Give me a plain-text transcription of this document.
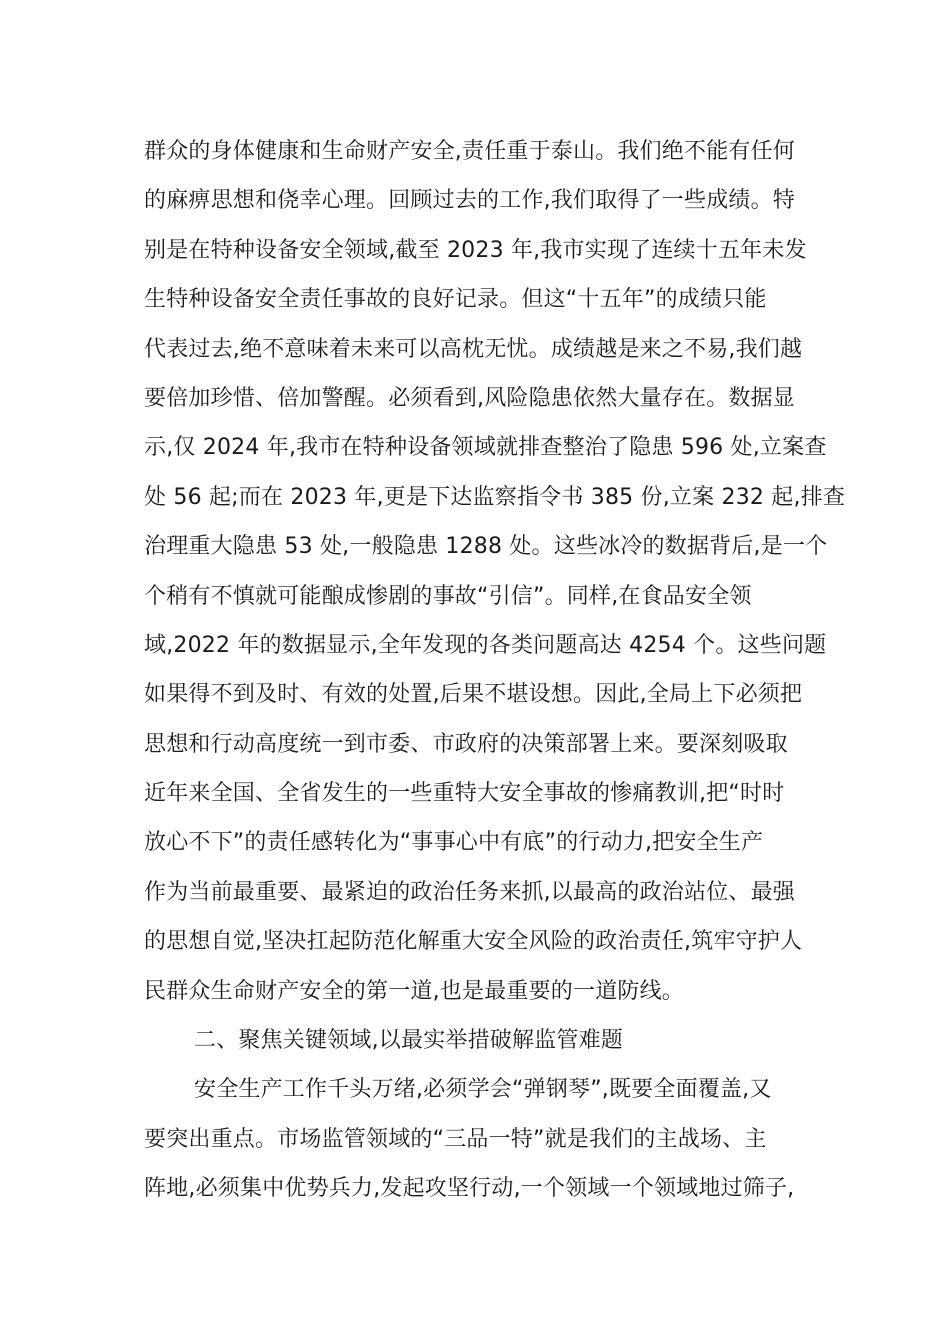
群众的身体健康和生命财产安全,责任重于泰山。我们绝不能有任何
的麻痹思想和侥幸心理。回顾过去的工作,我们取得了一些成绩。特
别是在特种设备安全领域,截至 2023 年,我市实现了连续十五年未发
生特种设备安全责任事故的良好记录。但这“十五年”的成绩只能
代表过去,绝不意味着未来可以高枕无忧。成绩越是来之不易,我们越
要倍加珍惜、倍加警醒。必须看到,风险隐患依然大量存在。数据显
示,仅 2024 年,我市在特种设备领域就排查整治了隐患 596 处,立案查
处 56 起;而在 2023 年,更是下达监察指令书 385 份,立案 232 起,排查
治理重大隐患 53 处,一般隐患 1288 处。这些冰冷的数据背后,是一个
个稍有不慎就可能酿成惨剧的事故“引信”。同样,在食品安全领
域,2022 年的数据显示,全年发现的各类问题高达 4254 个。这些问题
如果得不到及时、有效的处置,后果不堪设想。因此,全局上下必须把
思想和行动高度统一到市委、市政府的决策部署上来。要深刻吸取
近年来全国、全省发生的一些重特大安全事故的惨痛教训,把“时时
放心不下”的责任感转化为“事事心中有底”的行动力,把安全生产
作为当前最重要、最紧迫的政治任务来抓,以最高的政治站位、最强
的思想自觉,坚决扛起防范化解重大安全风险的政治责任,筑牢守护人
民群众生命财产安全的第一道,也是最重要的一道防线。
二、聚焦关键领域,以最实举措破解监管难题
安全生产工作千头万绪,必须学会“弹钢琴”,既要全面覆盖,又
要突出重点。市场监管领域的“三品一特”就是我们的主战场、主
阵地,必须集中优势兵力,发起攻坚行动,一个领域一个领域地过筛子,
